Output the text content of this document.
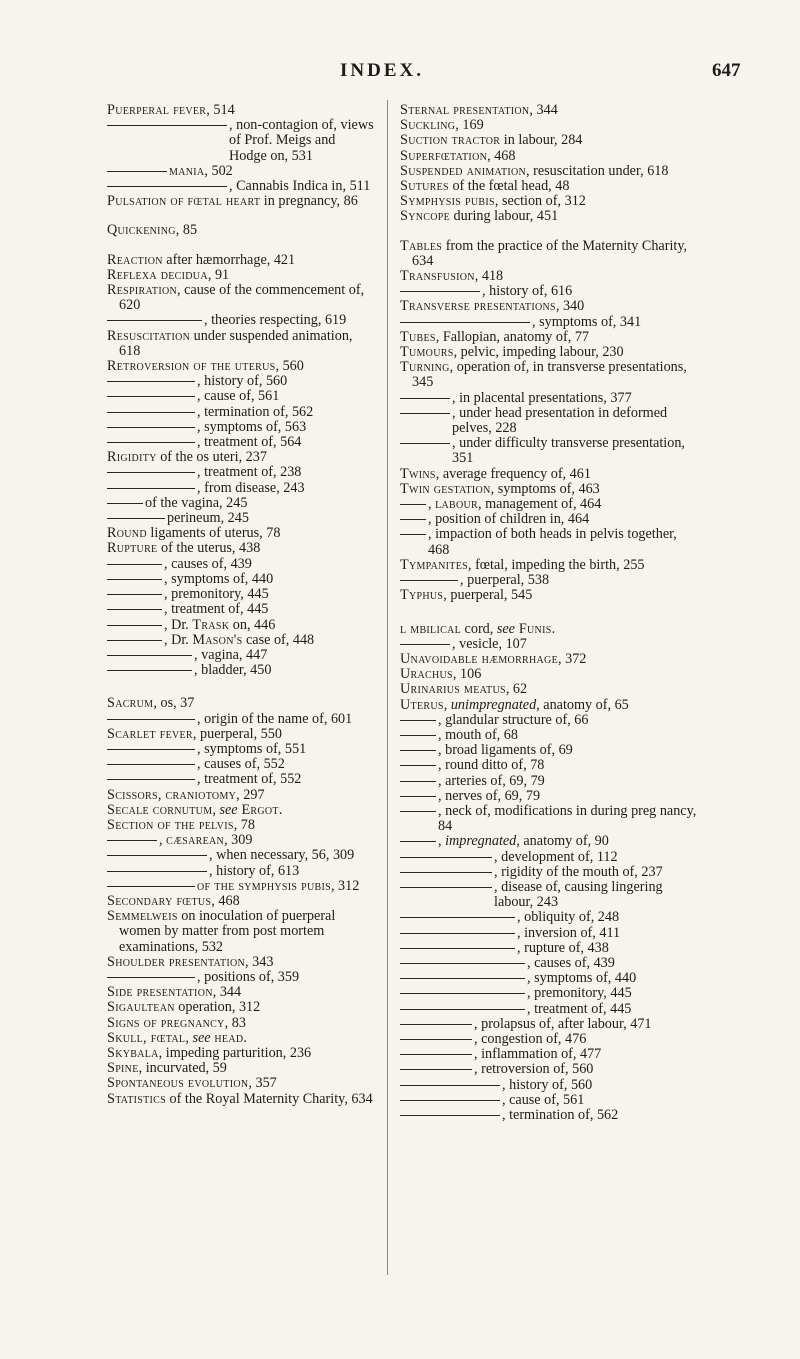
INDEX.	647
Puerperal fever, 514
, non-contagion of, views of Prof. Meigs and Hodge on, 531
mania, 502
, Cannabis Indica in, 511
Pulsation of fœtal heart in pregnancy, 86
Quickening, 85
Reaction after hæmorrhage, 421
Reflexa decidua, 91
Respiration, cause of the commencement of, 620
, theories respecting, 619
Resuscitation under suspended animation, 618
Retroversion of the uterus, 560
, history of, 560
, cause of, 561
, termination of, 562
, symptoms of, 563
, treatment of, 564
Rigidity of the os uteri, 237
, treatment of, 238
, from disease, 243
of the vagina, 245
perineum, 245
Round ligaments of uterus, 78
Rupture of the uterus, 438
, causes of, 439
, symptoms of, 440
, premonitory, 445
, treatment of, 445
, Dr. Trask on, 446
, Dr. Mason's case of, 448
, vagina, 447
, bladder, 450
Sacrum, os, 37
, origin of the name of, 601
Scarlet fever, puerperal, 550
, symptoms of, 551
, causes of, 552
, treatment of, 552
Scissors, craniotomy, 297
Secale cornutum, see Ergot.
Section of the pelvis, 78
, cæsarean, 309
, when necessary, 56, 309
, history of, 613
of the symphysis pubis, 312
Secondary fœtus, 468
Semmelweis on inoculation of puerperal women by matter from post mortem examinations, 532
Shoulder presentation, 343
, positions of, 359
Side presentation, 344
Sigaultean operation, 312
Signs of pregnancy, 83
Skull, fœtal, see head.
Skybala, impeding parturition, 236
Spine, incurvated, 59
Spontaneous evolution, 357
Statistics of the Royal Maternity Charity, 634
Sternal presentation, 344
Suckling, 169
Suction tractor in labour, 284
Superfœtation, 468
Suspended animation, resuscitation under, 618
Sutures of the fœtal head, 48
Symphysis pubis, section of, 312
Syncope during labour, 451
Tables from the practice of the Maternity Charity, 634
Transfusion, 418
, history of, 616
Transverse presentations, 340
, symptoms of, 341
Tubes, Fallopian, anatomy of, 77
Tumours, pelvic, impeding labour, 230
Turning, operation of, in transverse presentations, 345
, in placental presentations, 377
, under head presentation in deformed pelves, 228
, under difficulty transverse presentation, 351
Twins, average frequency of, 461
Twin gestation, symptoms of, 463
, labour, management of, 464
, position of children in, 464
, impaction of both heads in pelvis together, 468
Tympanites, fœtal, impeding the birth, 255
, puerperal, 538
Typhus, puerperal, 545
l mbilical cord, see Funis.
, vesicle, 107
Unavoidable hæmorrhage, 372
Urachus, 106
Urinarius meatus, 62
Uterus, unimpregnated, anatomy of, 65
, glandular structure of, 66
, mouth of, 68
, broad ligaments of, 69
, round ditto of, 78
, arteries of, 69, 79
, nerves of, 69, 79
, neck of, modifications in during preg nancy, 84
, impregnated, anatomy of, 90
, development of, 112
, rigidity of the mouth of, 237
, disease of, causing lingering labour, 243
, obliquity of, 248
, inversion of, 411
, rupture of, 438
, causes of, 439
, symptoms of, 440
, premonitory, 445
, treatment of, 445
, prolapsus of, after labour, 471
, congestion of, 476
, inflammation of, 477
, retroversion of, 560
, history of, 560
, cause of, 561
, termination of, 562
